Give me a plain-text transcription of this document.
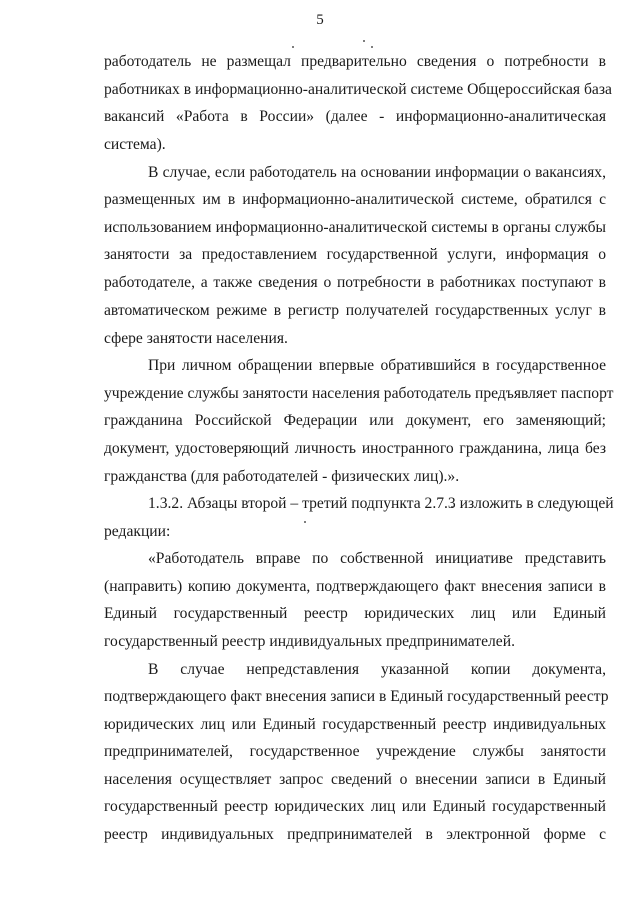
5
работодатель не размещал предварительно сведения о потребности в
работниках в информационно-аналитической системе Общероссийская база
вакансий «Работа в России» (далее - информационно-аналитическая
система).
В случае, если работодатель на основании информации о вакансиях,
размещенных им в информационно-аналитической системе, обратился с
использованием информационно-аналитической системы в органы службы
занятости за предоставлением государственной услуги, информация о
работодателе, а также сведения о потребности в работниках поступают в
автоматическом режиме в регистр получателей государственных услуг в
сфере занятости населения.
При личном обращении впервые обратившийся в государственное
учреждение службы занятости населения работодатель предъявляет паспорт
гражданина Российской Федерации или документ, его заменяющий;
документ, удостоверяющий личность иностранного гражданина, лица без
гражданства (для работодателей - физических лиц).».
1.3.2. Абзацы второй – третий подпункта 2.7.3 изложить в следующей
редакции:
«Работодатель вправе по собственной инициативе представить
(направить) копию документа, подтверждающего факт внесения записи в
Единый государственный реестр юридических лиц или Единый
государственный реестр индивидуальных предпринимателей.
В случае непредставления указанной копии документа,
подтверждающего факт внесения записи в Единый государственный реестр
юридических лиц или Единый государственный реестр индивидуальных
предпринимателей, государственное учреждение службы занятости
населения осуществляет запрос сведений о внесении записи в Единый
государственный реестр юридических лиц или Единый государственный
реестр индивидуальных предпринимателей в электронной форме с
